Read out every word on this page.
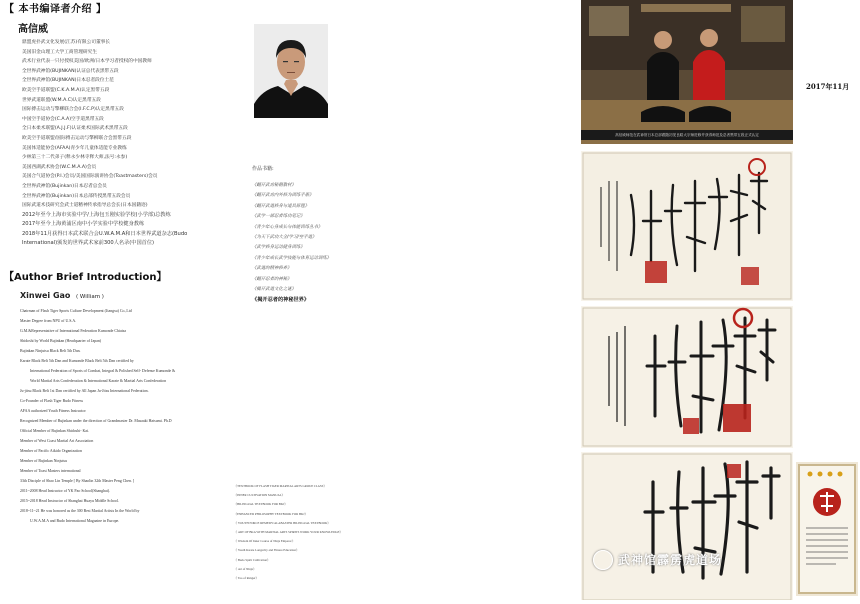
【 本书编译者介绍 】
高信威
鼎盟虎扑武文化发展(江苏)有限公司董事长
美国旧金山理工大学工商管理研究生
武术行业代表一只付授权美国/欧洲/日本学习者授权的中国教师
全世界武神馆(BUJINKAN)认证总代表黑带五段
全世界武神馆(BUJINKAN)日本忍者段位士范
欧美空手道联盟(C.K.A.M.A)认定黑带五段
世界武道联盟(W.M.A.C)认定黑带五段
国际搏击运动与擎柳联合会(I.F.C.P)认定黑带五段
中国空手道协会(C.A.A)空手道黑带五段
全日本柔术联盟(A.J.J.F)认证柔术国际武术黑带五段
欧美空手道联盟/国际搏击运动与擎柳联合会黑带五段
美国体适能协会(AFAA)青少年儿童体适能专业教练
少林第三十二代弟子(释永少林寺释大师,法号:永参)
美国西湖武术协会(W.C.M.A.A)会员
美国合气道协会(P.I.)会员/美国国际演讲协会(Toastmasters)会员
全世界武神馆(Bujinkan)日本忍者总会员
全世界武神馆(Bujinkan)日本总部传授黑带五段会员
国际武道术技研究会武士道精神传承指导总会长(日本国籍迹)
2012年至今上海市实验中学/上海包玉刚实验学校(小学部)总教练
2017年至今上海黄浦区南中小学实验中学校健身教练
2018年11月获得日本武术联合会U.W.A.M.A和日本世界武道杂志(Budo
International)颁发的世界武术家前300人名录(中国首位)
作品书籍:
《翻开武功秘籍教材》
《翻开武功内外修为训练手册》
《翻开武道修身与道具原理》
《武学一部忍者练功笔记》
《青少年心身成长与体能训练丛书》
《为天下武功大全/学习/空手道》
《武学修身运动健身训练》
《青少年成长武学技能与体育运动训练》
《武道的精神修养》
《翻开忍者的神秘》
《揭开武道文化之谜》
《揭开忍者的神秘世界》
【Author Brief Introduction】
Xinwei Gao ( William )
Chairman of Flash Tiger Sports Culture Development (Jiangsu) Co.,Ltd
Master Degree from NPU of U.S.A.
G.M.&Representative of International Federation Kumonde Chiaisa
Shidoshi by World Bujinkan (Headquarter of Japan)
Bujinkan Ninjutsu Black Belt 5th Dan.
Karate Black Belt 5th Dan and Kumonde Black Belt 5th Dan certified by
International Federation of Sports of Combat, Integral & Polished Self- Defense Kumonde &
World Martial Arts Confederation & International Karate & Martial Arts Confederation
Ju-jitsu Black Belt 1st Dan certified by All Japan Ju-Jitsu International Federation.
Co-Founder of Flash Tiger Budo Fitness
AFAA authorized Youth Fitness Instructor
Recognized Member of Bujinkan under the direction of Grandmaster Dr. Masaaki Hatsumi. Ph.D
Official Member of Bujinkan Shidoshi- Kai.
Member of West Coast Martial Art Association
Member of Pacific Aikido Organization
Member of Bujinkan Ninjutsu
Member of Toast Masters international
33th Disciple of Shao Lin Temple [ By Shaolin 32th Master Peng Chen. ]
2011~2008 Head Instructor of YK Pao School(Shanghai).
2015~2018 Head Instructor of Shanghai Huayu Middle School.
2018~11~21 He was honored as the 300 Best Martial Artists In the World by
U.W.A.M.A and Budo International Magazine in Europe.
《TEXTBOOK OF FLASH TIGER MARTIAL ARTS GROUP CLASS》
《INNER CULTIVATION MANUAL》
《BILINGUAL TEXTBOOK FOR BKJ》
《ENHANCED PHILOSOPHY TEXTBOOK FOR BKJ》
《 YOUTH FORCE REMEDY/ALABASTER BILINGUAL TEXTBOOK》
《 ART OF BKA WITH MARTIAL ARTS SPIRITS WORK YOUR KNOWLEDGE》
《 Wisdom Of Inner Course of Ninja Emperor》
《 Youth Karate Longevity and Fitness Education》
《 Budo Spirit Cultivation》
《 Art of Ninja》
《 Tao of Ranger》
高信威师范在武神馆日本总部跟随初见良昭大宗师进修并获得师范及忍者黑带五段正式认定
2017年11月
武神馆霹雳虎道场
